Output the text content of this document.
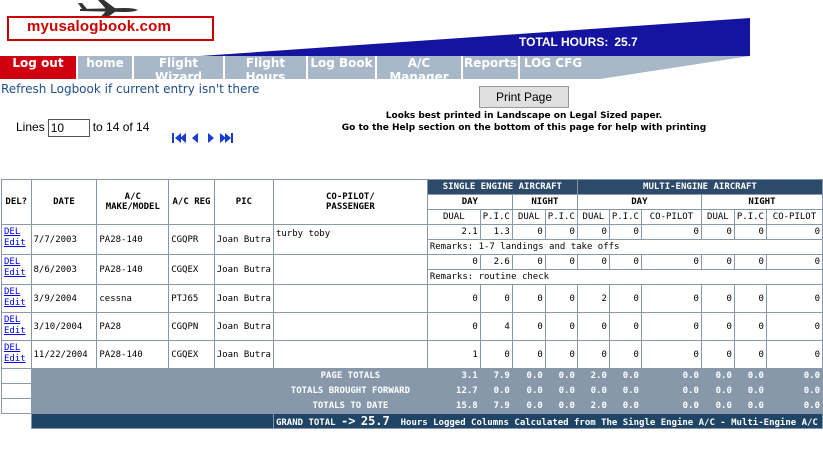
myusalogbook.com
TOTAL HOURS: 25.7
Log out	home	Flight Wizard
Flight Hours
Log Book	A/C Manager
Reports LOG CFG
Refresh Logbook if current entry isn't there
Print Page
Looks best printed in Landscape on Legal Sized paper.
Go to the Help section on the bottom of this page for help with printing
Lines10	to 14 of 14
DEL?	DATE	A/C
MAKE/MODEL	A/C REG	PIC	CO-PILOT/
PASSENGER	SINGLE ENGINE AIRCRAFT				MULTI-ENGINE AIRCRAFT					
						DAY		NIGHT		DAY			NIGHT		
						DUAL	P.I.C	DUAL	P.I.C	DUAL	P.I.C	CO-PILOT	DUAL	P.I.C	CO-PILOT

DEL
Edit	7/7/2003	PA28-140	CGQPR	Joan Butra	turby toby	2.1	1.3	0	0	0	0	0	0	0	0
						Remarks: 1-7 landings and take offs									

DEL
Edit	8/6/2003	PA28-140	CGQEX	Joan Butra		0	2.6	0	0	0	0	0	0	0	0
						Remarks: routine check									

DEL
Edit	3/9/2004	cessna	PTJ65	Joan Butra		0	0	0	0	2	0	0	0	0	0

DEL
Edit	3/10/2004	PA28	CGQPN	Joan Butra		0	4	0	0	0	0	0	0	0	0

DEL
Edit	11/22/2004	PA28-140	CGQEX	Joan Butra		1	0	0	0	0	0	0	0	0	0
					PAGE TOTALS	3.1	7.9	0.0	0.0	2.0	0.0	0.0	0.0	0.0	0.0
					TOTALS BROUGHT FORWARD	12.7	0.0	0.0	0.0	0.0	0.0	0.0	0.0	0.0	0.0
					TOTALS TO DATE	15.8	7.9	0.0	0.0	2.0	0.0	0.0	0.0	0.0	0.0
					GRAND TOTAL -> 25.7 Hours Logged Columns Calculated from The Single Engine A/C - Multi-Engine A/C										
